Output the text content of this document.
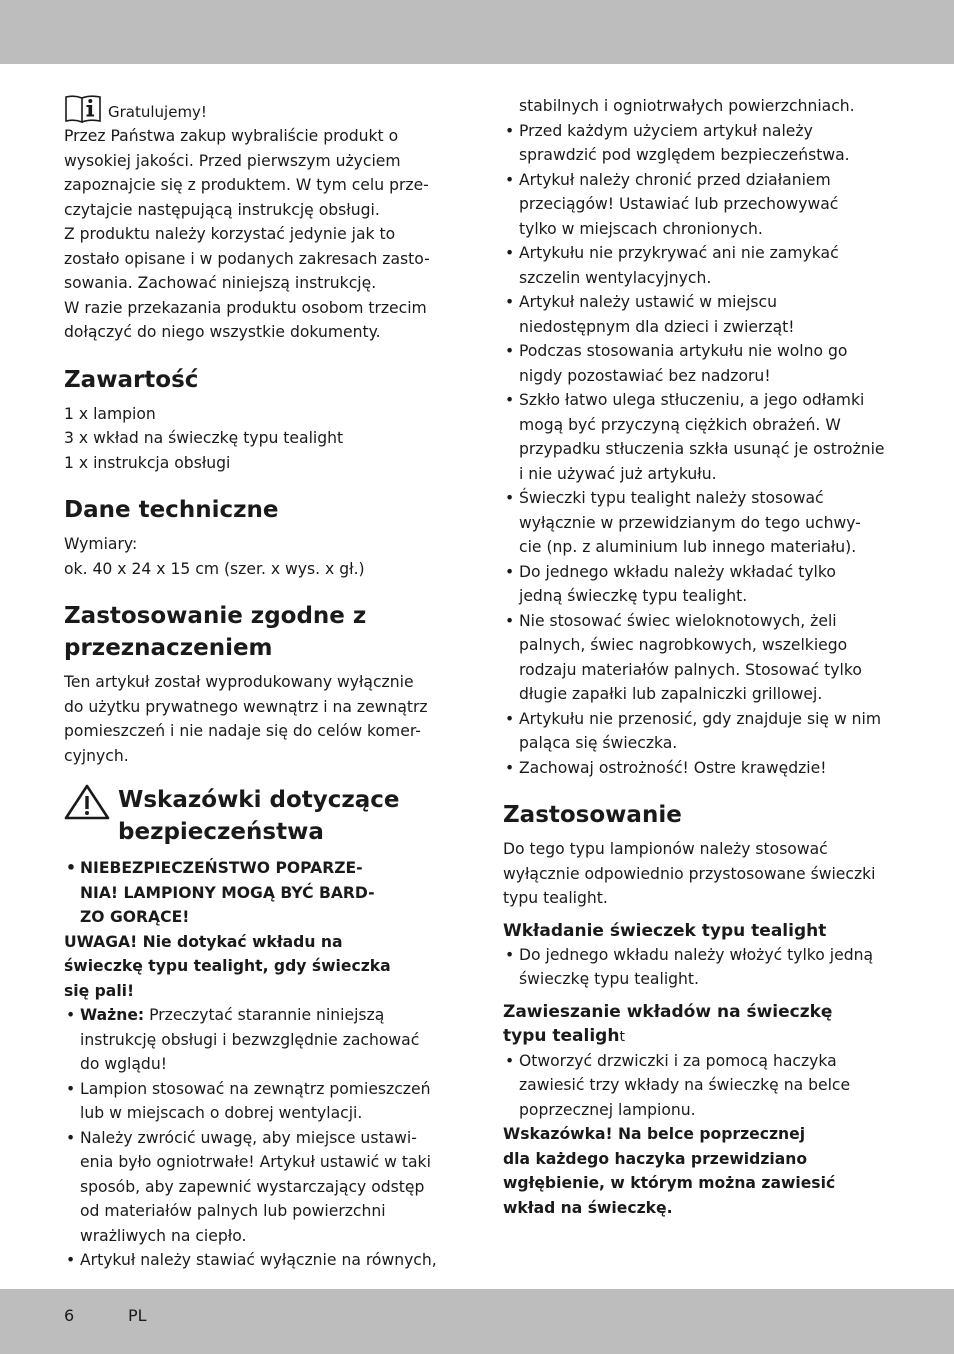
Gratulujemy!

Przez Państwa zakup wybraliście produkt o

wysokiej jakości. Przed pierwszym użyciem

zapoznajcie się z produktem. W tym celu prze-

czytajcie następującą instrukcję obsługi.

Z produktu należy korzystać jedynie jak to

zostało opisane i w podanych zakresach zasto-

sowania. Zachować niniejszą instrukcję.

W razie przekazania produktu osobom trzecim

dołączyć do niego wszystkie dokumenty.

Zawartość

1 x lampion

3 x wkład na świeczkę typu tealight

1 x instrukcja obsługi

Dane techniczne

Wymiary:

ok. 40 x 24 x 15 cm (szer. x wys. x gł.)

Zastosowanie zgodne z przeznaczeniem

Ten artykuł został wyprodukowany wyłącznie

do użytku prywatnego wewnątrz i na zewnątrz

pomieszczeń i nie nadaje się do celów komer-

cyjnych.

Wskazówki dotyczące bezpieczeństwa
• NIEBEZPIECZEŃSTWO POPARZE-
NIA! LAMPIONY MOGĄ BYĆ BARD-
ZO GORĄCE!

UWAGA! Nie dotykać wkładu na

świeczkę typu tealight, gdy świeczka

się pali!

• Ważne: Przeczytać starannie niniejszą
instrukcję obsługi i bezwzględnie zachować
do wglądu!
• Lampion stosować na zewnątrz pomieszczeń
lub w miejscach o dobrej wentylacji.
• Należy zwrócić uwagę, aby miejsce ustawi-
enia było ogniotrwałe! Artykuł ustawić w taki
sposób, aby zapewnić wystarczający odstęp
od materiałów palnych lub powierzchni
wrażliwych na ciepło.
• Artykuł należy stawiać wyłącznie na równych,

stabilnych i ogniotrwałych powierzchniach.

• Przed każdym użyciem artykuł należy
sprawdzić pod względem bezpieczeństwa.
• Artykuł należy chronić przed działaniem
przeciągów! Ustawiać lub przechowywać
tylko w miejscach chronionych.
• Artykułu nie przykrywać ani nie zamykać
szczelin wentylacyjnych.
• Artykuł należy ustawić w miejscu
niedostępnym dla dzieci i zwierząt!
• Podczas stosowania artykułu nie wolno go
nigdy pozostawiać bez nadzoru!
• Szkło łatwo ulega stłuczeniu, a jego odłamki
mogą być przyczyną ciężkich obrażeń. W
przypadku stłuczenia szkła usunąć je ostrożnie
i nie używać już artykułu.
• Świeczki typu tealight należy stosować
wyłącznie w przewidzianym do tego uchwy-
cie (np. z aluminium lub innego materiału).
• Do jednego wkładu należy wkładać tylko
jedną świeczkę typu tealight.
• Nie stosować świec wieloknotowych, żeli
palnych, świec nagrobkowych, wszelkiego
rodzaju materiałów palnych. Stosować tylko
długie zapałki lub zapalniczki grillowej.
• Artykułu nie przenosić, gdy znajduje się w nim
paląca się świeczka.
• Zachowaj ostrożność! Ostre krawędzie!
Zastosowanie

Do tego typu lampionów należy stosować

wyłącznie odpowiednio przystosowane świeczki

typu tealight.

Wkładanie świeczek typu tealight
• Do jednego wkładu należy włożyć tylko jedną
świeczkę typu tealight.
Zawieszanie wkładów na świeczkę
typu tealight
• Otworzyć drzwiczki i za pomocą haczyka
zawiesić trzy wkłady na świeczkę na belce
poprzecznej lampionu.

Wskazówka! Na belce poprzecznej

dla każdego haczyka przewidziano

wgłębienie, w którym można zawiesić

wkład na świeczkę.

6	PL
